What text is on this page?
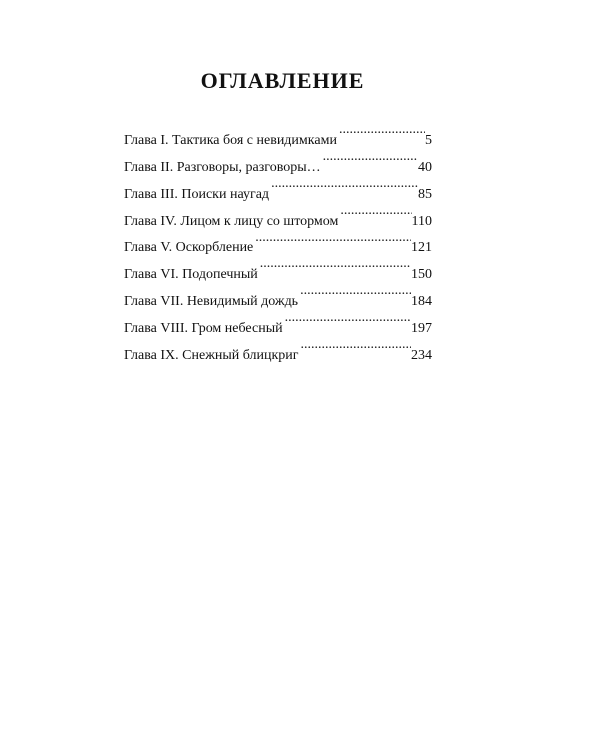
ОГЛАВЛЕНИЕ
Глава I. Тактика боя с невидимками .....	5
Глава II. Разговоры, разговоры… .....	40
Глава III. Поиски наугад .....	85
Глава IV. Лицом к лицу со штормом .....	110
Глава V. Оскорбление .....	121
Глава VI. Подопечный .....	150
Глава VII. Невидимый дождь .....	184
Глава VIII. Гром небесный .....	197
Глава IX. Снежный блицкриг .....	234
